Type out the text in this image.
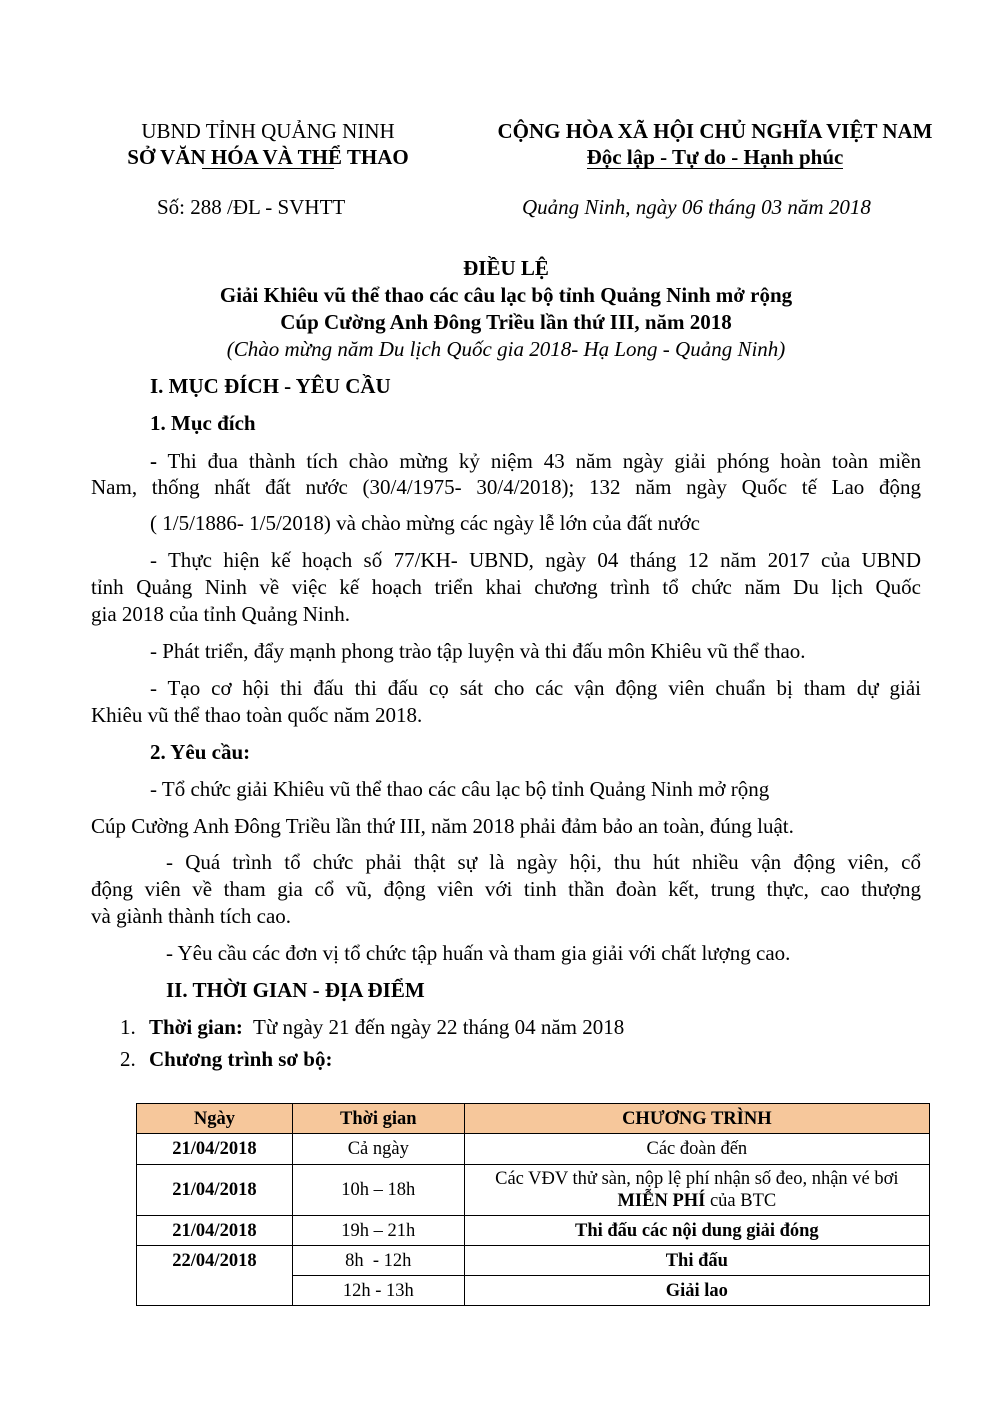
UBND TỈNH QUẢNG NINH
SỞ VĂN HÓA VÀ THỂ THAO
CỘNG HÒA XÃ HỘI CHỦ NGHĨA VIỆT NAM
Độc lập - Tự do - Hạnh phúc
Số: 288 /ĐL - SVHTT	Quảng Ninh, ngày 06 tháng 03 năm 2018
ĐIỀU LỆ
Giải Khiêu vũ thể thao các câu lạc bộ tỉnh Quảng Ninh mở rộng
Cúp Cường Anh Đông Triều lần thứ III, năm 2018
(Chào mừng năm Du lịch Quốc gia 2018- Hạ Long - Quảng Ninh)
I. MỤC ĐÍCH - YÊU CẦU
1. Mục đích
- Thi đua thành tích chào mừng kỷ niệm 43 năm ngày giải phóng hoàn toàn miền
Nam, thống nhất đất nước (30/4/1975- 30/4/2018); 132 năm ngày Quốc tế Lao động
( 1/5/1886- 1/5/2018) và chào mừng các ngày lễ lớn của đất nước
- Thực hiện kế hoạch số 77/KH- UBND, ngày 04 tháng 12 năm 2017 của UBND
tỉnh Quảng Ninh về việc kế hoạch triển khai chương trình tổ chức năm Du lịch Quốc
gia 2018 của tỉnh Quảng Ninh.
- Phát triển, đẩy mạnh phong trào tập luyện và thi đấu môn Khiêu vũ thể thao.
- Tạo cơ hội thi đấu thi đấu cọ sát cho các vận động viên chuẩn bị tham dự giải
Khiêu vũ thể thao toàn quốc năm 2018.
2. Yêu cầu:
- Tổ chức giải Khiêu vũ thể thao các câu lạc bộ tỉnh Quảng Ninh mở rộng
Cúp Cường Anh Đông Triều lần thứ III, năm 2018 phải đảm bảo an toàn, đúng luật.
- Quá trình tổ chức phải thật sự là ngày hội, thu hút nhiều vận động viên, cổ
động viên về tham gia cổ vũ, động viên với tinh thần đoàn kết, trung thực, cao thượng
và giành thành tích cao.
- Yêu cầu các đơn vị tổ chức tập huấn và tham gia giải với chất lượng cao.
II. THỜI GIAN - ĐỊA ĐIỂM
1. Thời gian:  Từ ngày 21 đến ngày 22 tháng 04 năm 2018
2. Chương trình sơ bộ:
Ngày	Thời gian	CHƯƠNG TRÌNH
21/04/2018	Cả ngày	Các đoàn đến
21/04/2018	10h – 18h	Các VĐV thử sàn, nộp lệ phí nhận số đeo, nhận vé bơi
MIỄN PHÍ của BTC

21/04/2018	19h – 21h	Thi đấu các nội dung giải đóng
22/04/2018	8h  - 12h	Thi đấu
	12h - 13h	Giải lao
